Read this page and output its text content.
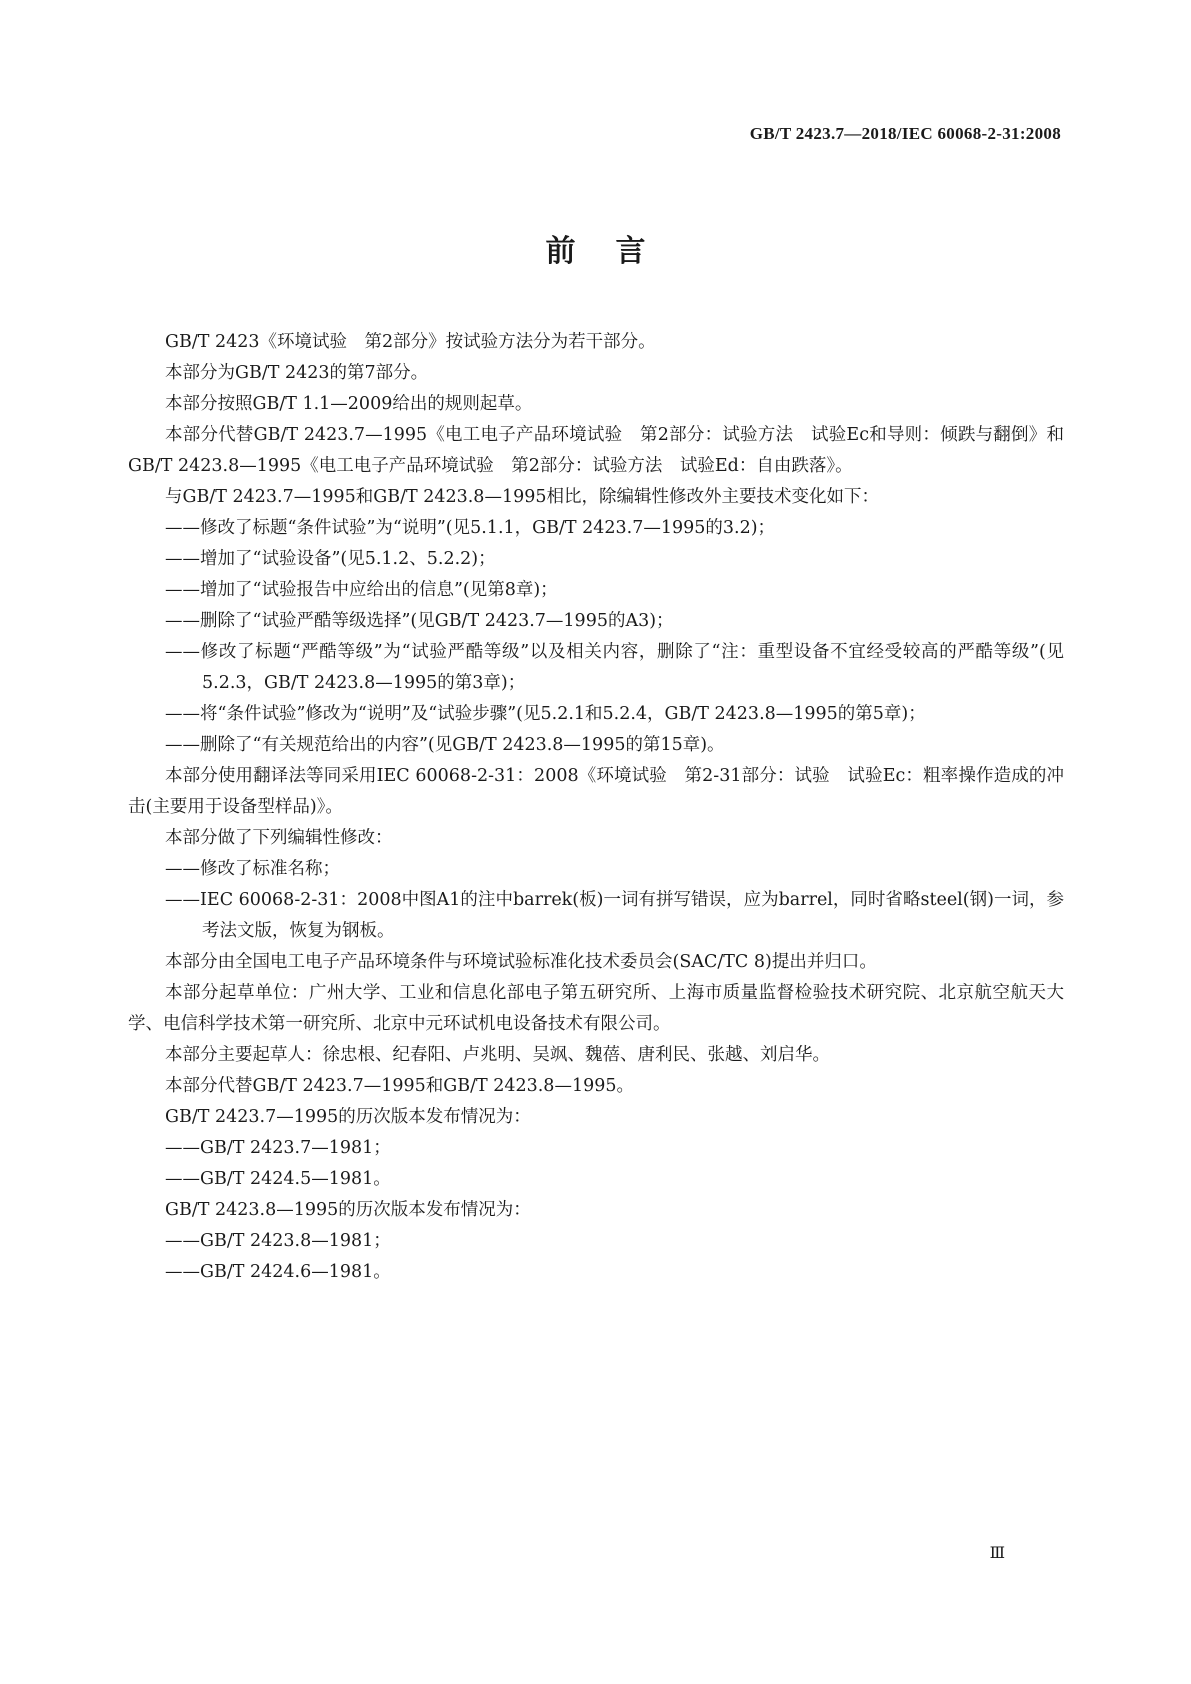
GB/T 2423.7—2018/IEC 60068-2-31:2008
前言

GB/T 2423《环境试验　第2部分》按试验方法分为若干部分。

本部分为GB/T 2423的第7部分。

本部分按照GB/T 1.1—2009给出的规则起草。

本部分代替GB/T 2423.7—1995《电工电子产品环境试验　第2部分：试验方法　试验Ec和导则：倾跌与翻倒》和GB/T 2423.8—1995《电工电子产品环境试验　第2部分：试验方法　试验Ed：自由跌落》。

与GB/T 2423.7—1995和GB/T 2423.8—1995相比，除编辑性修改外主要技术变化如下：

——修改了标题“条件试验”为“说明”(见5.1.1，GB/T 2423.7—1995的3.2)；

——增加了“试验设备”(见5.1.2、5.2.2)；

——增加了“试验报告中应给出的信息”(见第8章)；

——删除了“试验严酷等级选择”(见GB/T 2423.7—1995的A3)；

——修改了标题“严酷等级”为“试验严酷等级”以及相关内容，删除了“注：重型设备不宜经受较高的严酷等级”(见5.2.3，GB/T 2423.8—1995的第3章)；

——将“条件试验”修改为“说明”及“试验步骤”(见5.2.1和5.2.4，GB/T 2423.8—1995的第5章)；

——删除了“有关规范给出的内容”(见GB/T 2423.8—1995的第15章)。

本部分使用翻译法等同采用IEC 60068-2-31：2008《环境试验　第2-31部分：试验　试验Ec：粗率操作造成的冲击(主要用于设备型样品)》。

本部分做了下列编辑性修改：

——修改了标准名称；

——IEC 60068-2-31：2008中图A1的注中barrek(板)一词有拼写错误，应为barrel，同时省略steel(钢)一词，参考法文版，恢复为钢板。

本部分由全国电工电子产品环境条件与环境试验标准化技术委员会(SAC/TC 8)提出并归口。

本部分起草单位：广州大学、工业和信息化部电子第五研究所、上海市质量监督检验技术研究院、北京航空航天大学、电信科学技术第一研究所、北京中元环试机电设备技术有限公司。

本部分主要起草人：徐忠根、纪春阳、卢兆明、吴飒、魏蓓、唐利民、张越、刘启华。

本部分代替GB/T 2423.7—1995和GB/T 2423.8—1995。

GB/T 2423.7—1995的历次版本发布情况为：

——GB/T 2423.7—1981；

——GB/T 2424.5—1981。

GB/T 2423.8—1995的历次版本发布情况为：

——GB/T 2423.8—1981；

——GB/T 2424.6—1981。

Ⅲ
